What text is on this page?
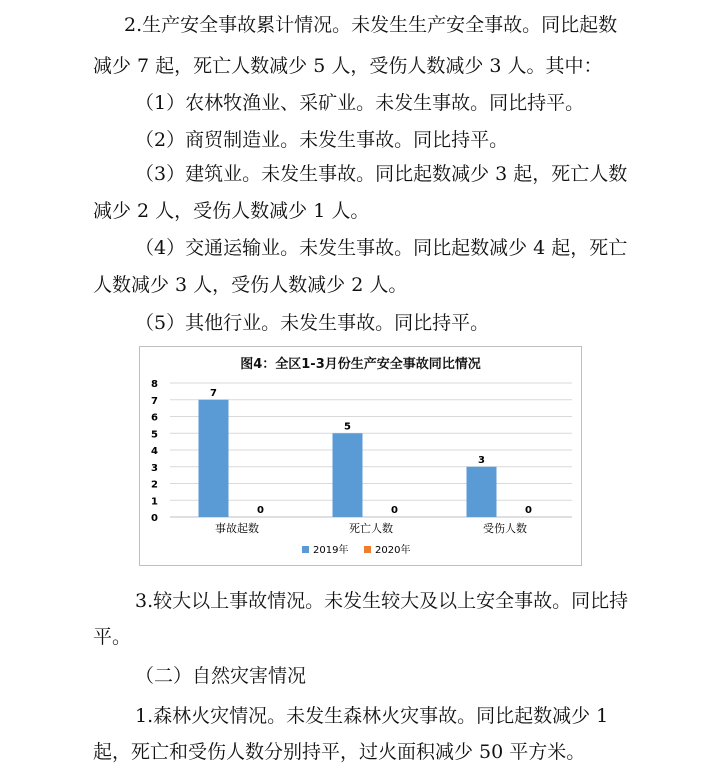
2.生产安全事故累计情况。未发生生产安全事故。同比起数
减少 7 起，死亡人数减少 5 人，受伤人数减少 3 人。其中：
（1）农林牧渔业、采矿业。未发生事故。同比持平。
（2）商贸制造业。未发生事故。同比持平。
（3）建筑业。未发生事故。同比起数减少 3 起，死亡人数
减少 2 人，受伤人数减少 1 人。
（4）交通运输业。未发生事故。同比起数减少 4 起，死亡
人数减少 3 人，受伤人数减少 2 人。
（5）其他行业。未发生事故。同比持平。
图4：全区1-3月份生产安全事故同比情况
0
1
2
3
4
5
6
7
8
7
0
事故起数
5
0
死亡人数
3
0
受伤人数
2019年	2020年
3.较大以上事故情况。未发生较大及以上安全事故。同比持
平。
（二）自然灾害情况
1.森林火灾情况。未发生森林火灾事故。同比起数减少 1
起，死亡和受伤人数分别持平，过火面积减少 50 平方米。
